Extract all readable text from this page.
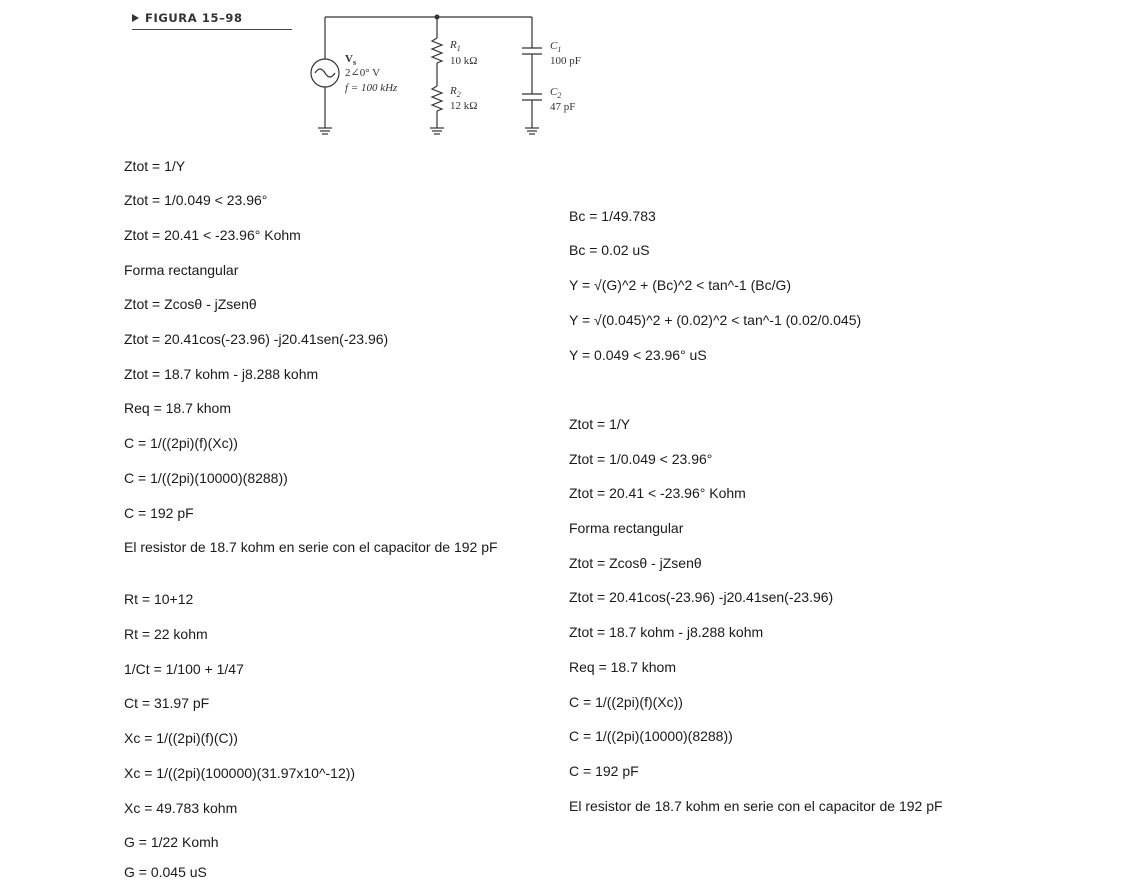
FIGURA 15–98
$V_s$
2∠0° V
f = 100 kHz
$R_1$
10 kΩ
$R_2$
12 kΩ
$C_1$
100 pF
$C_2$
47 pF
Ztot = 1/Y
Ztot = 1/0.049 < 23.96°
Ztot = 20.41 < -23.96° Kohm
Forma rectangular
Ztot = Zcosθ - jZsenθ
Ztot = 20.41cos(-23.96) -j20.41sen(-23.96)
Ztot = 18.7 kohm - j8.288 kohm
Req = 18.7 khom
C = 1/((2pi)(f)(Xc))
C = 1/((2pi)(10000)(8288))
C = 192 pF
El resistor de 18.7 kohm en serie con el capacitor de 192 pF
Rt = 10+12
Rt = 22 kohm
1/Ct = 1/100 + 1/47
Ct = 31.97 pF
Xc = 1/((2pi)(f)(C))
Xc = 1/((2pi)(100000)(31.97x10^-12))
Xc = 49.783 kohm
G = 1/22 Komh
G = 0.045 uS
Bc = 1/49.783
Bc = 0.02 uS
Y = √(G)^2 + (Bc)^2 < tan^-1 (Bc/G)
Y = √(0.045)^2 + (0.02)^2 < tan^-1 (0.02/0.045)
Y = 0.049 < 23.96° uS
Ztot = 1/Y
Ztot = 1/0.049 < 23.96°
Ztot = 20.41 < -23.96° Kohm
Forma rectangular
Ztot = Zcosθ - jZsenθ
Ztot = 20.41cos(-23.96) -j20.41sen(-23.96)
Ztot = 18.7 kohm - j8.288 kohm
Req = 18.7 khom
C = 1/((2pi)(f)(Xc))
C = 1/((2pi)(10000)(8288))
C = 192 pF
El resistor de 18.7 kohm en serie con el capacitor de 192 pF
